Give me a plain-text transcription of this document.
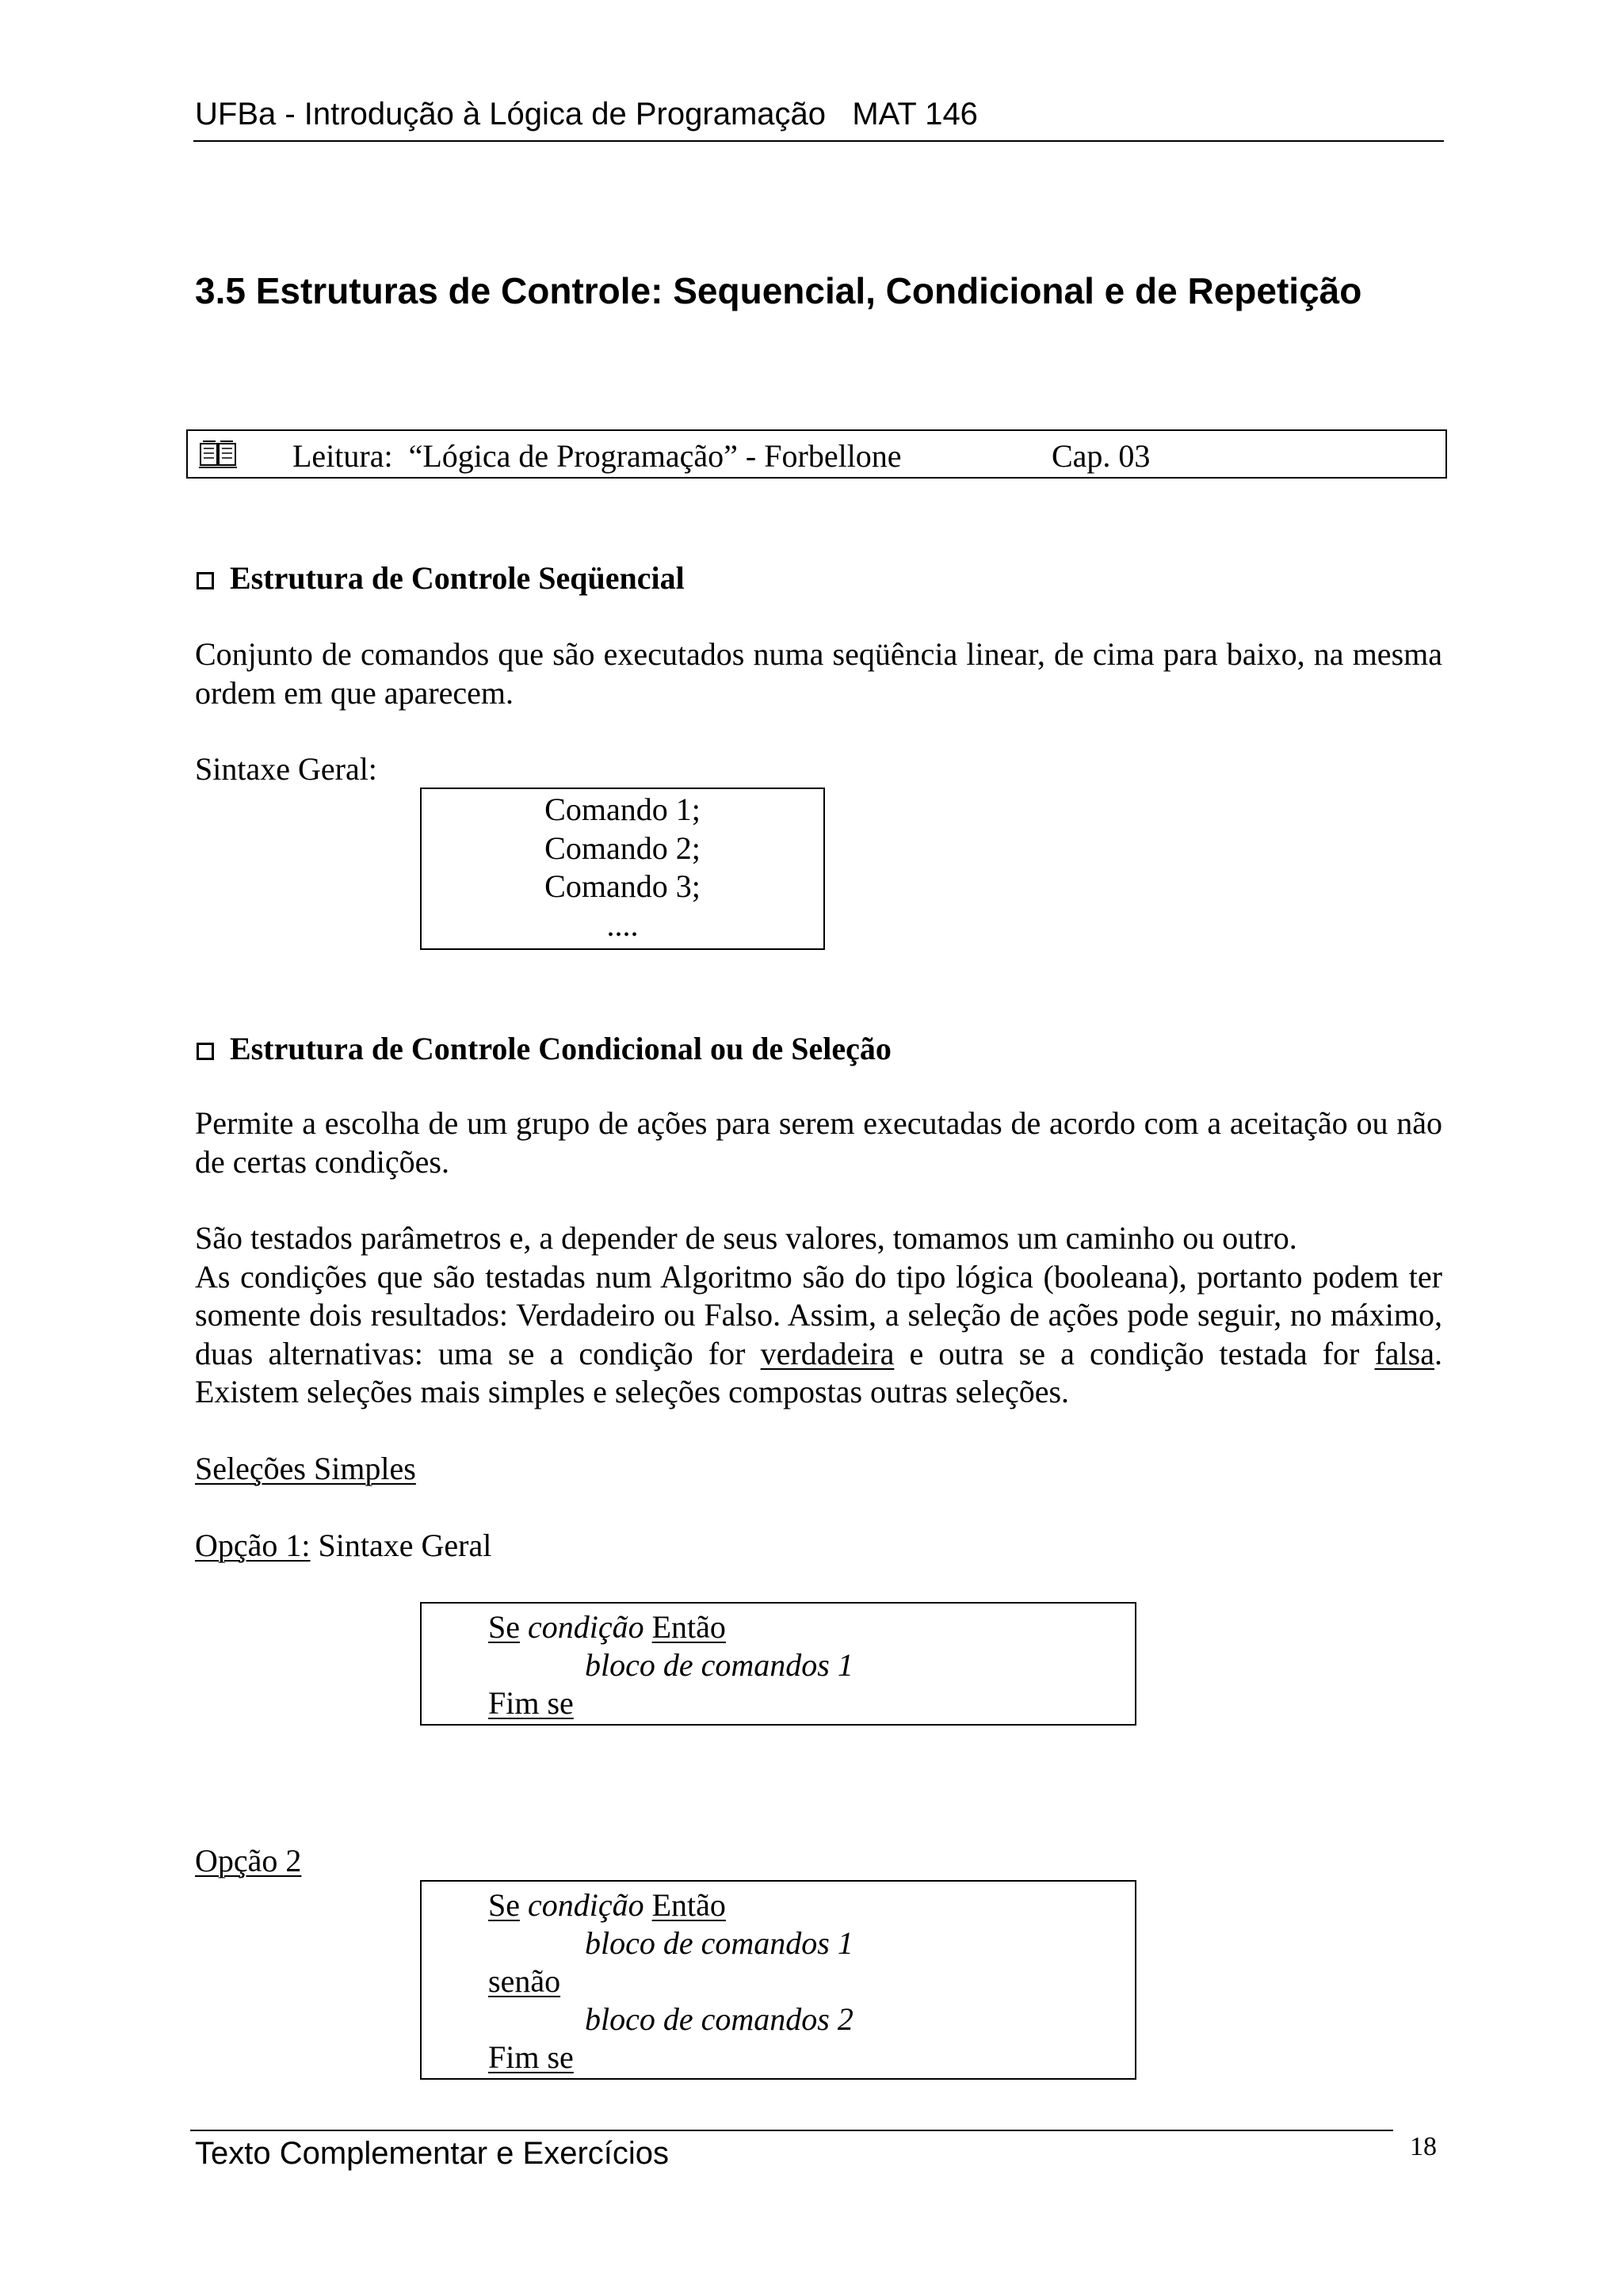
UFBa - Introdução à Lógica de Programação   MAT 146
3.5 Estruturas de Controle: Sequencial, Condicional e de Repetição
Leitura:  “Lógica de Programação” - Forbellone	Cap. 03
Estrutura de Controle Seqüencial
Conjunto de comandos que são executados numa seqüência linear, de cima para baixo, na mesma ordem em que aparecem.
Sintaxe Geral:
Comando 1;
Comando 2;
Comando 3;
....
Estrutura de Controle Condicional ou de Seleção
Permite a escolha de um grupo de ações para serem executadas de acordo com a aceitação ou não de certas condições.
São testados parâmetros e, a depender de seus valores, tomamos um caminho ou outro.
As condições que são testadas num Algoritmo são do tipo lógica (booleana), portanto podem ter somente dois resultados: Verdadeiro ou Falso. Assim, a seleção de ações pode seguir, no máximo, duas alternativas: uma se a condição for verdadeira e outra se a condição testada for falsa. Existem seleções mais simples e seleções compostas outras seleções.
Seleções Simples
Opção 1: Sintaxe Geral
Se condição Então
bloco de comandos 1
Fim se
Opção 2
Se condição Então
bloco de comandos 1
senão
bloco de comandos 2
Fim se
Texto Complementar e Exercícios	18
